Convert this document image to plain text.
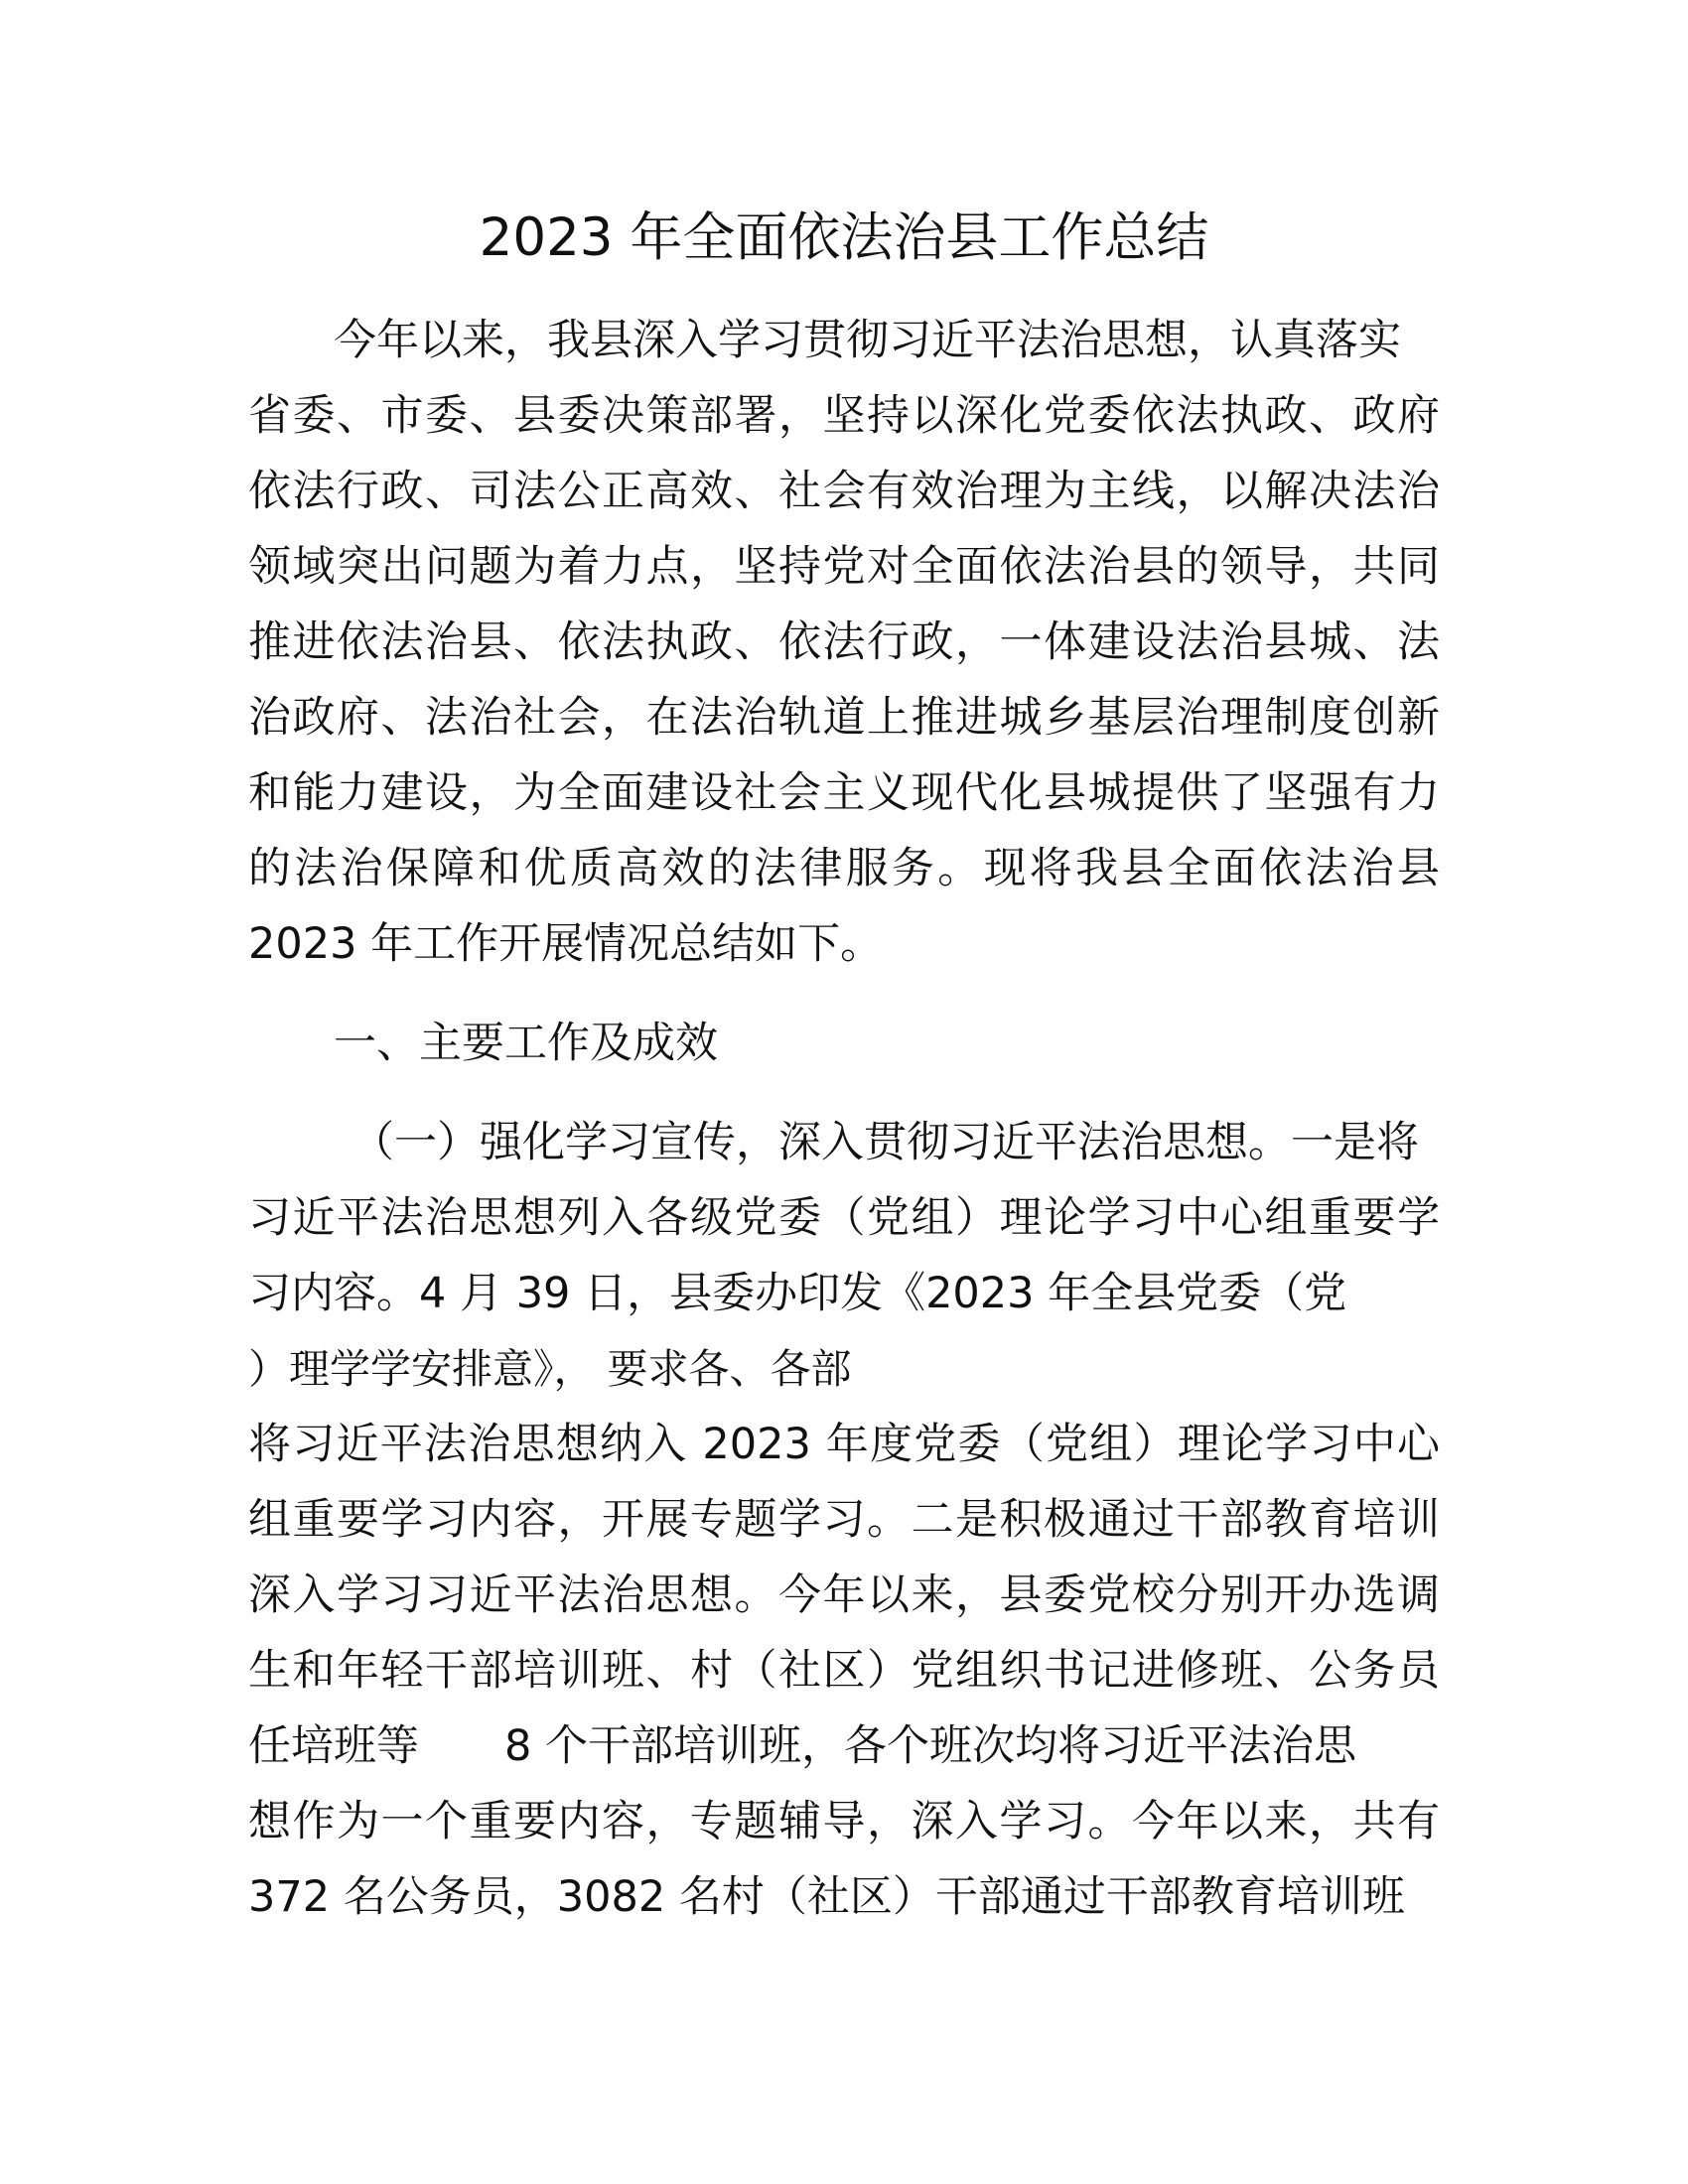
2023 年全面依法治县工作总结
今年以来，我县深入学习贯彻习近平法治思想，认真落实
省委、市委、县委决策部署，坚持以深化党委依法执政、政府
依法行政、司法公正高效、社会有效治理为主线，以解决法治
领域突出问题为着力点，坚持党对全面依法治县的领导，共同
推进依法治县、依法执政、依法行政，一体建设法治县城、法
治政府、法治社会，在法治轨道上推进城乡基层治理制度创新
和能力建设，为全面建设社会主义现代化县城提供了坚强有力
的法治保障和优质高效的法律服务。现将我县全面依法治县
2023 年工作开展情况总结如下。
一、主要工作及成效
（一）强化学习宣传，深入贯彻习近平法治思想。一是将
习近平法治思想列入各级党委（党组）理论学习中心组重要学
习内容。4 月 39 日，县委办印发《2023 年全县党委（党
）理学学安排意》， 要求各、各部
将习近平法治思想纳入 2023 年度党委（党组）理论学习中心
组重要学习内容，开展专题学习。二是积极通过干部教育培训
深入学习习近平法治思想。今年以来，县委党校分别开办选调
生和年轻干部培训班、村（社区）党组织书记进修班、公务员
任培班等　　8 个干部培训班，各个班次均将习近平法治思
想作为一个重要内容，专题辅导，深入学习。今年以来，共有
372 名公务员，3082 名村（社区）干部通过干部教育培训班
